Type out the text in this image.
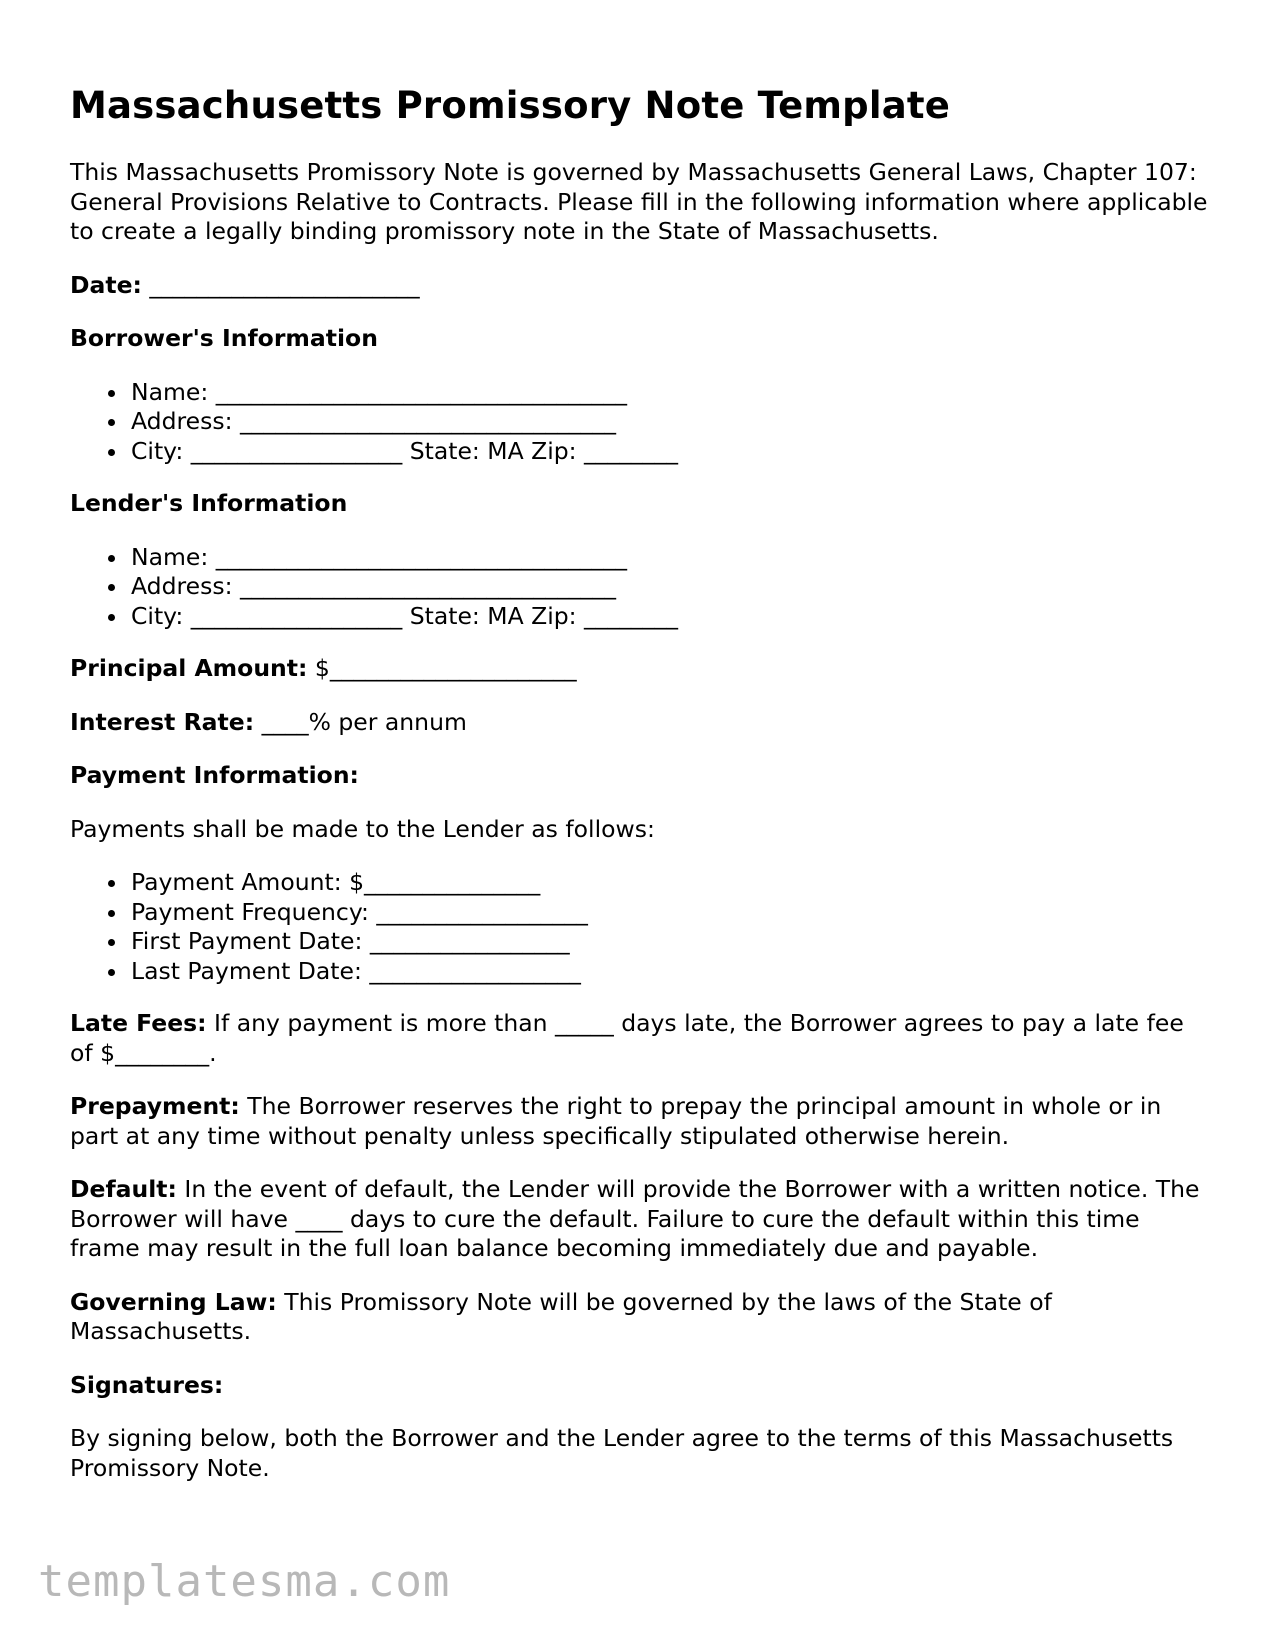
Massachusetts Promissory Note Template

This Massachusetts Promissory Note is governed by Massachusetts General Laws, Chapter 107: General Provisions Relative to Contracts. Please fill in the following information where applicable to create a legally binding promissory note in the State of Massachusetts.

Date: _______________________

Borrower's Information

Name: ___________________________________
Address: ________________________________
City: __________________ State: MA Zip: ________

Lender's Information

Name: ___________________________________
Address: ________________________________
City: __________________ State: MA Zip: ________

Principal Amount: $_____________________

Interest Rate: ____% per annum

Payment Information:

Payments shall be made to the Lender as follows:

Payment Amount: $_______________
Payment Frequency: __________________
First Payment Date: _________________
Last Payment Date: __________________

Late Fees: If any payment is more than _____ days late, the Borrower agrees to pay a late fee of $________.

Prepayment: The Borrower reserves the right to prepay the principal amount in whole or in part at any time without penalty unless specifically stipulated otherwise herein.

Default: In the event of default, the Lender will provide the Borrower with a written notice. The Borrower will have ____ days to cure the default. Failure to cure the default within this time frame may result in the full loan balance becoming immediately due and payable.

Governing Law: This Promissory Note will be governed by the laws of the State of Massachusetts.

Signatures:

By signing below, both the Borrower and the Lender agree to the terms of this Massachusetts Promissory Note.

templatesma.com
